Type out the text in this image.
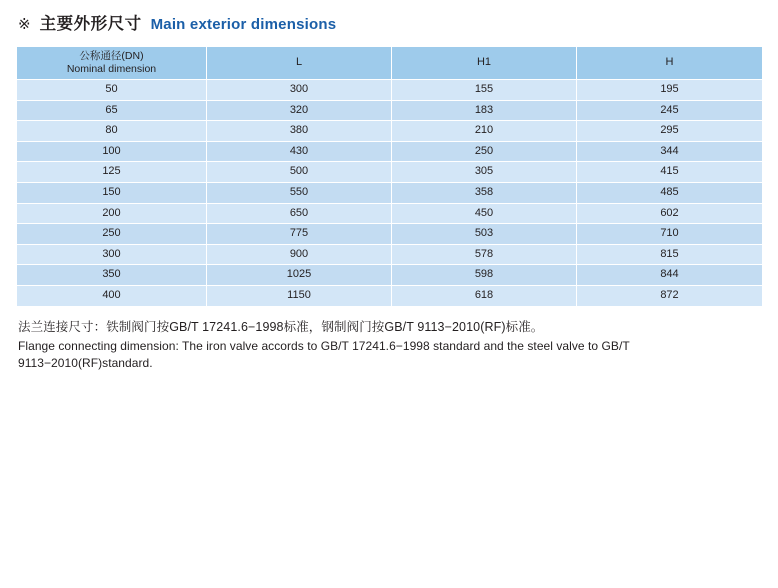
※ 主要外形尺寸 Main exterior dimensions
公称通径(DN)
Nominal dimension	L	H1	H
50	300	155	195
65	320	183	245
80	380	210	295
100	430	250	344
125	500	305	415
150	550	358	485
200	650	450	602
250	775	503	710
300	900	578	815
350	1025	598	844
400	1150	618	872
法兰连接尺寸：铁制阀门按GB/T 17241.6−1998标准，钢制阀门按GB/T 9113−2010(RF)标准。
Flange connecting dimension: The iron valve accords to GB/T 17241.6−1998 standard and the steel valve to GB/T 9113−2010(RF)standard.
